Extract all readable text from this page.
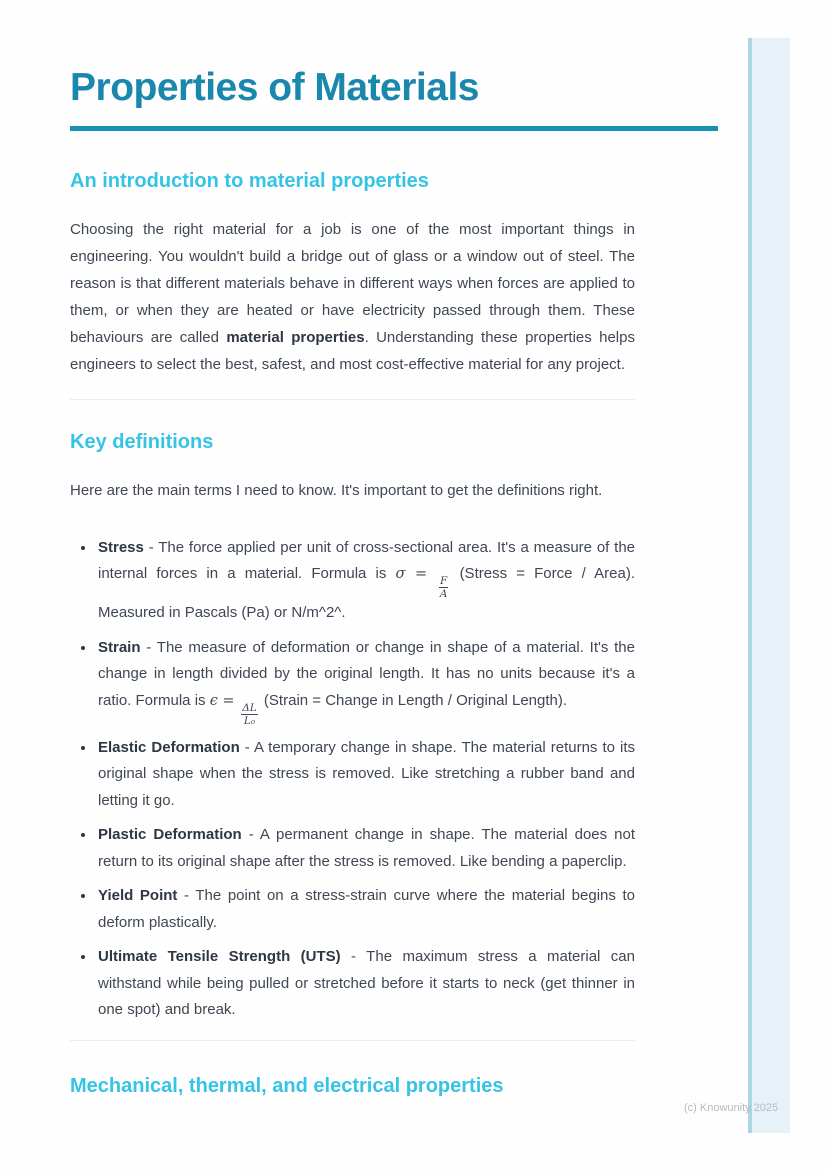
Properties of Materials
An introduction to material properties

Choosing the right material for a job is one of the most important things in engineering. You wouldn't build a bridge out of glass or a window out of steel. The reason is that different materials behave in different ways when forces are applied to them, or when they are heated or have electricity passed through them. These behaviours are called material properties. Understanding these properties helps engineers to select the best, safest, and most cost-effective material for any project.

Key definitions

Here are the main terms I need to know. It's important to get the definitions right.

• Stress - The force applied per unit of cross-sectional area. It's a measure of the internal forces in a material. Formula is σ =
$\frac{F}{A}$
(Stress = Force / Area). Measured in Pascals (Pa) or N/m^2^.
• Strain - The measure of deformation or change in shape of a material. It's the change in length divided by the original length. It has no units because it's a ratio. Formula is ϵ =
$\frac{\Delta L}{\text{L₀}}$
(Strain = Change in Length / Original Length).
• Elastic Deformation - A temporary change in shape. The material returns to its original shape when the stress is removed. Like stretching a rubber band and letting it go.
• Plastic Deformation - A permanent change in shape. The material does not return to its original shape after the stress is removed. Like bending a paperclip.
• Yield Point - The point on a stress-strain curve where the material begins to deform plastically.
• Ultimate Tensile Strength (UTS) - The maximum stress a material can withstand while being pulled or stretched before it starts to neck (get thinner in one spot) and break.
Mechanical, thermal, and electrical properties
(c) Knowunity 2025
